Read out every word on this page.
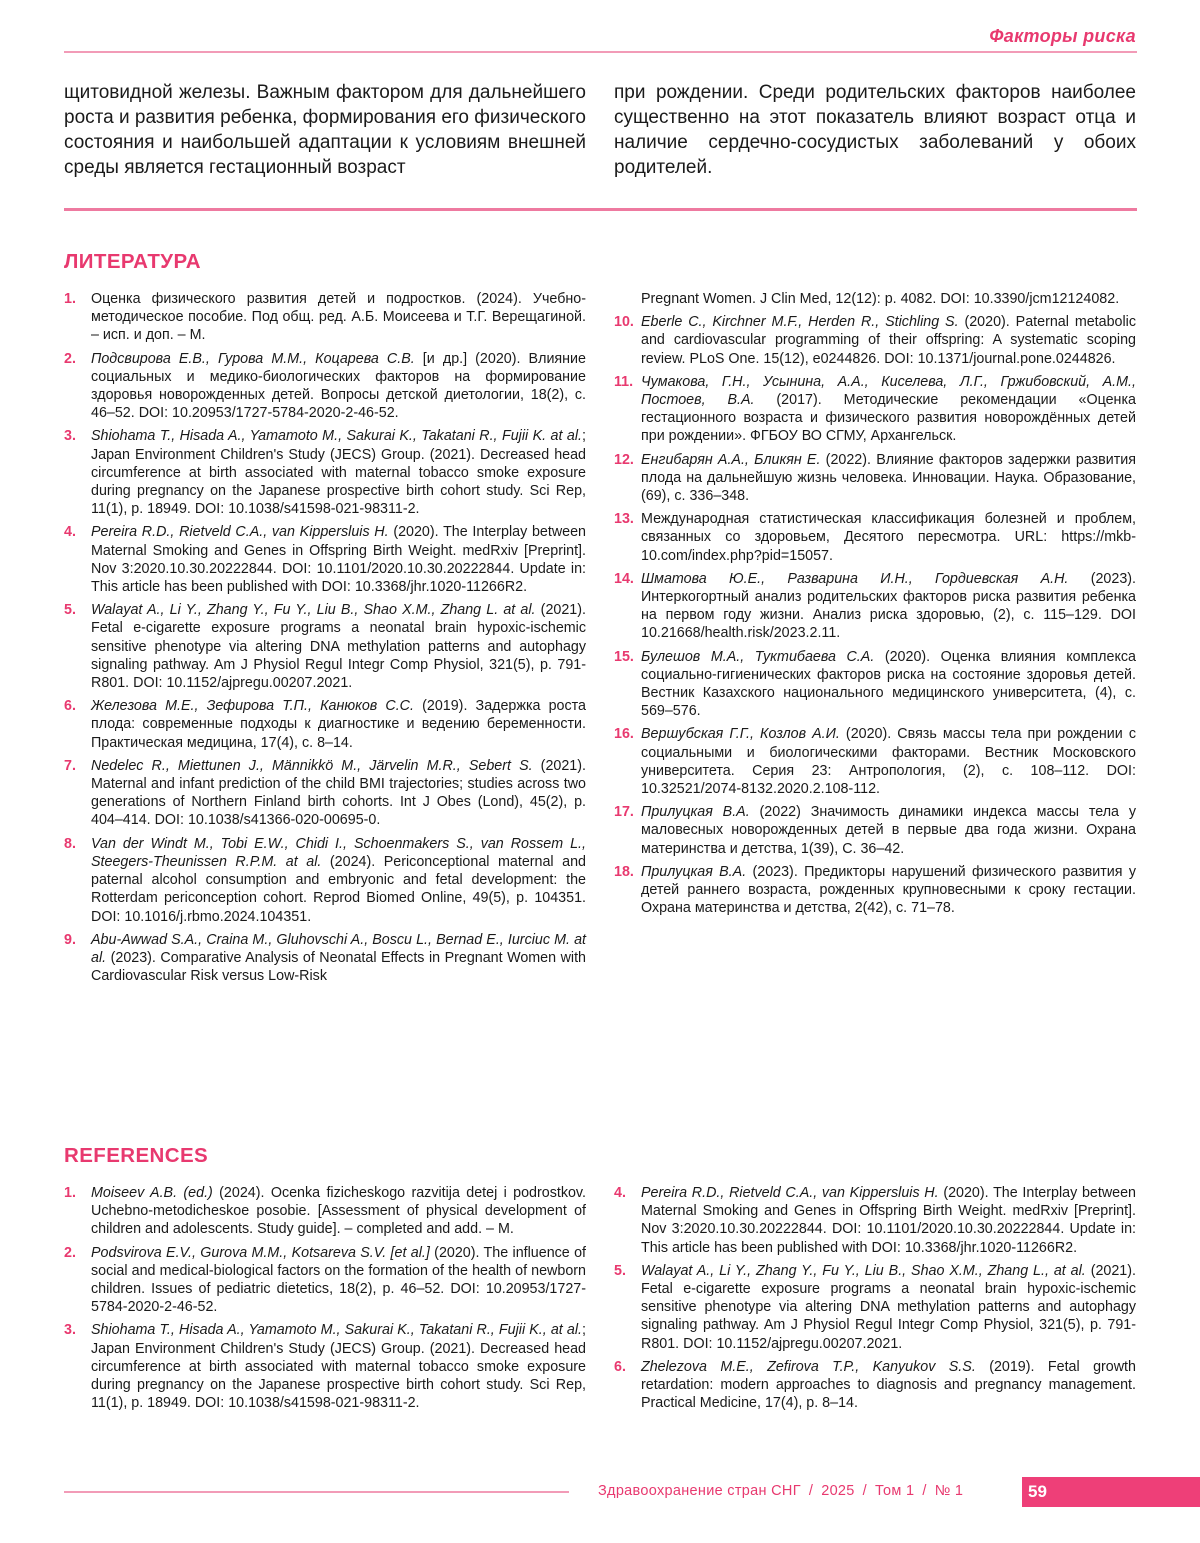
Факторы риска
щитовидной железы. Важным фактором для дальнейшего роста и развития ребенка, формирования его физического состояния и наибольшей адаптации к условиям внешней среды является гестационный возраст
при рождении. Среди родительских факторов наиболее существенно на этот показатель влияют возраст отца и наличие сердечно-сосудистых заболеваний у обоих родителей.
ЛИТЕРАТУРА
1. Оценка физического развития детей и подростков. (2024). Учебно-методическое пособие. Под общ. ред. А.Б. Моисеева и Т.Г. Верещагиной. – исп. и доп. – М.
2. Подсвирова Е.В., Гурова М.М., Коцарева С.В. [и др.] (2020). Влияние социальных и медико-биологических факторов на формирование здоровья новорожденных детей. Вопросы детской диетологии, 18(2), с. 46–52. DOI: 10.20953/1727-5784-2020-2-46-52.
3. Shiohama T., Hisada A., Yamamoto M., Sakurai K., Takatani R., Fujii K. at al.; Japan Environment Children's Study (JECS) Group. (2021). Decreased head circumference at birth associated with maternal tobacco smoke exposure during pregnancy on the Japanese prospective birth cohort study. Sci Rep, 11(1), p. 18949. DOI: 10.1038/s41598-021-98311-2.
4. Pereira R.D., Rietveld C.A., van Kippersluis H. (2020). The Interplay between Maternal Smoking and Genes in Offspring Birth Weight. medRxiv [Preprint]. Nov 3:2020.10.30.20222844. DOI: 10.1101/2020.10.30.20222844. Update in: This article has been published with DOI: 10.3368/jhr.1020-11266R2.
5. Walayat A., Li Y., Zhang Y., Fu Y., Liu B., Shao X.M., Zhang L. at al. (2021). Fetal e-cigarette exposure programs a neonatal brain hypoxic-ischemic sensitive phenotype via altering DNA methylation patterns and autophagy signaling pathway. Am J Physiol Regul Integr Comp Physiol, 321(5), p. 791-R801. DOI: 10.1152/ajpregu.00207.2021.
6. Железова М.Е., Зефирова Т.П., Канюков С.С. (2019). Задержка роста плода: современные подходы к диагностике и ведению беременности. Практическая медицина, 17(4), с. 8–14.
7. Nedelec R., Miettunen J., Männikkö M., Järvelin M.R., Sebert S. (2021). Maternal and infant prediction of the child BMI trajectories; studies across two generations of Northern Finland birth cohorts. Int J Obes (Lond), 45(2), p. 404–414. DOI: 10.1038/s41366-020-00695-0.
8. Van der Windt M., Tobi E.W., Chidi I., Schoenmakers S., van Rossem L., Steegers-Theunissen R.P.M. at al. (2024). Periconceptional maternal and paternal alcohol consumption and embryonic and fetal development: the Rotterdam periconception cohort. Reprod Biomed Online, 49(5), p. 104351. DOI: 10.1016/j.rbmo.2024.104351.
9. Abu-Awwad S.A., Craina M., Gluhovschi A., Boscu L., Bernad E., Iurciuc M. at al. (2023). Comparative Analysis of Neonatal Effects in Pregnant Women with Cardiovascular Risk versus Low-Risk
Pregnant Women. J Clin Med, 12(12): p. 4082. DOI: 10.3390/jcm12124082.
10. Eberle C., Kirchner M.F., Herden R., Stichling S. (2020). Paternal metabolic and cardiovascular programming of their offspring: A systematic scoping review. PLoS One. 15(12), e0244826. DOI: 10.1371/journal.pone.0244826.
11. Чумакова, Г.Н., Усынина, А.А., Киселева, Л.Г., Гржибовский, А.М., Постоев, В.А. (2017). Методические рекомендации «Оценка гестационного возраста и физического развития новорождённых детей при рождении». ФГБОУ ВО СГМУ, Архангельск.
12. Енгибарян А.А., Бликян Е. (2022). Влияние факторов задержки развития плода на дальнейшую жизнь человека. Инновации. Наука. Образование, (69), с. 336–348.
13. Международная статистическая классификация болезней и проблем, связанных со здоровьем, Десятого пересмотра. URL: https://mkb-10.com/index.php?pid=15057.
14. Шматова Ю.Е., Разварина И.Н., Гордиевская А.Н. (2023). Интеркогортный анализ родительских факторов риска развития ребенка на первом году жизни. Анализ риска здоровью, (2), с. 115–129. DOI 10.21668/health.risk/2023.2.11.
15. Булешов М.А., Туктибаева С.А. (2020). Оценка влияния комплекса социально-гигиенических факторов риска на состояние здоровья детей. Вестник Казахского национального медицинского университета, (4), с. 569–576.
16. Вершубская Г.Г., Козлов А.И. (2020). Связь массы тела при рождении с социальными и биологическими факторами. Вестник Московского университета. Серия 23: Антропология, (2), с. 108–112. DOI: 10.32521/2074-8132.2020.2.108-112.
17. Прилуцкая В.А. (2022) Значимость динамики индекса массы тела у маловесных новорожденных детей в первые два года жизни. Охрана материнства и детства, 1(39), С. 36–42.
18. Прилуцкая В.А. (2023). Предикторы нарушений физического развития у детей раннего возраста, рожденных крупновесными к сроку гестации. Охрана материнства и детства, 2(42), с. 71–78.
REFERENCES
1. Moiseev A.B. (ed.) (2024). Ocenka fizicheskogo razvitija detej i podrostkov. Uchebno-metodicheskoe posobie. [Assessment of physical development of children and adolescents. Study guide]. – completed and add. – M.
2. Podsvirova E.V., Gurova M.M., Kotsareva S.V. [et al.] (2020). The influence of social and medical-biological factors on the formation of the health of newborn children. Issues of pediatric dietetics, 18(2), p. 46–52. DOI: 10.20953/1727-5784-2020-2-46-52.
3. Shiohama T., Hisada A., Yamamoto M., Sakurai K., Takatani R., Fujii K., at al.; Japan Environment Children's Study (JECS) Group. (2021). Decreased head circumference at birth associated with maternal tobacco smoke exposure during pregnancy on the Japanese prospective birth cohort study. Sci Rep, 11(1), p. 18949. DOI: 10.1038/s41598-021-98311-2.
4. Pereira R.D., Rietveld C.A., van Kippersluis H. (2020). The Interplay between Maternal Smoking and Genes in Offspring Birth Weight. medRxiv [Preprint]. Nov 3:2020.10.30.20222844. DOI: 10.1101/2020.10.30.20222844. Update in: This article has been published with DOI: 10.3368/jhr.1020-11266R2.
5. Walayat A., Li Y., Zhang Y., Fu Y., Liu B., Shao X.M., Zhang L., at al. (2021). Fetal e-cigarette exposure programs a neonatal brain hypoxic-ischemic sensitive phenotype via altering DNA methylation patterns and autophagy signaling pathway. Am J Physiol Regul Integr Comp Physiol, 321(5), p. 791-R801. DOI: 10.1152/ajpregu.00207.2021.
6. Zhelezova M.E., Zefirova T.P., Kanyukov S.S. (2019). Fetal growth retardation: modern approaches to diagnosis and pregnancy management. Practical Medicine, 17(4), p. 8–14.
Здравоохранение стран СНГ / 2025 / Том 1 / № 1	59
